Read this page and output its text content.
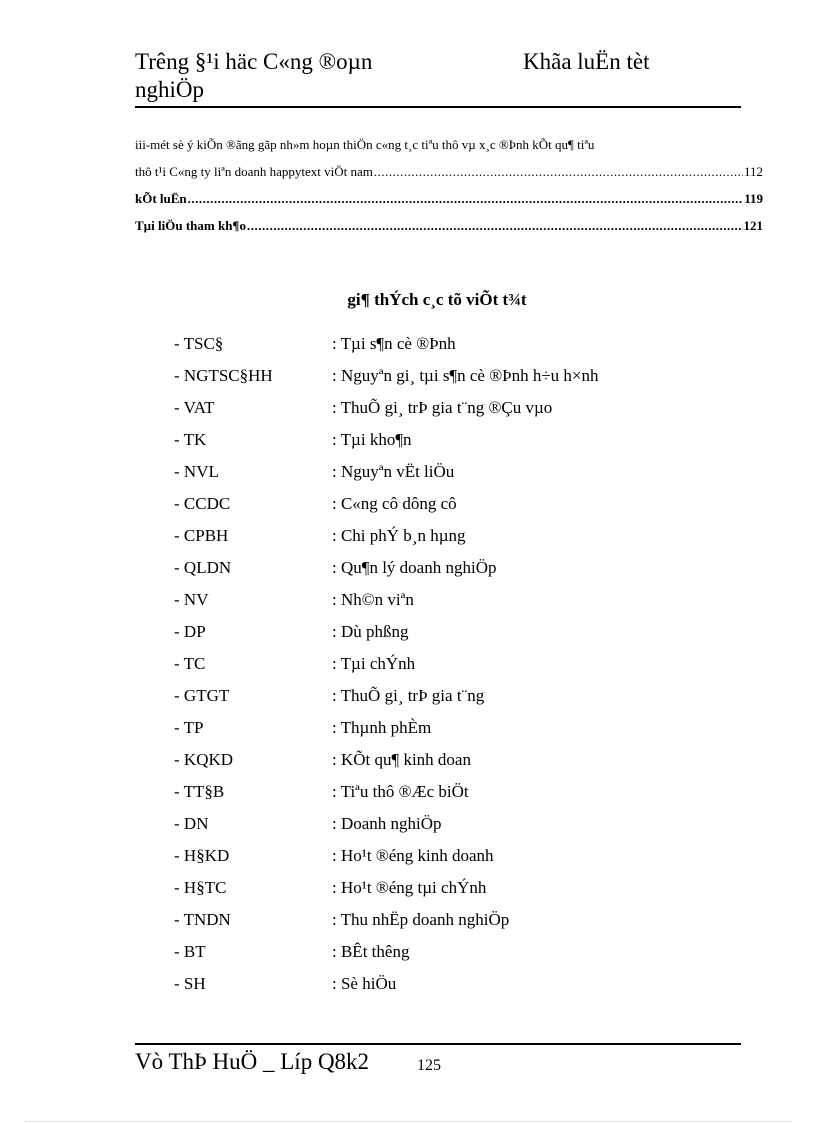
Trêng §¹i häc C«ng ®oµn nghiÖp
Khãa luËn tèt
iii-mét sè ý kiÕn ®ãng gãp nh»m hoµn thiÖn c«ng t¸c tiªu thô vµ x¸c ®Þnh kÕt qu¶ tiªu
thô t¹i C«ng ty liªn doanh happytext viÖt nam .....	112
kÕt luËn .....	119
Tµi liÖu tham kh¶o .....	121
gi¶ thÝch c¸c tõ viÕt t¾t
- TSC§	: Tµi s¶n cè ®Þnh
- NGTSC§HH	: Nguyªn gi¸ tµi s¶n cè ®Þnh h÷u h×nh
- VAT	: ThuÕ gi¸ trÞ gia t¨ng ®Çu vµo
- TK	: Tµi kho¶n
- NVL	: Nguyªn vËt liÖu
- CCDC	: C«ng cô dông cô
- CPBH	: Chi phÝ b¸n hµng
- QLDN	: Qu¶n lý doanh nghiÖp
- NV	: Nh©n viªn
- DP	: Dù phßng
- TC	: Tµi chÝnh
- GTGT	: ThuÕ gi¸ trÞ gia t¨ng
- TP	: Thµnh phÈm
- KQKD	: KÕt qu¶ kinh doan
- TT§B	: Tiªu thô ®Æc biÖt
- DN	: Doanh nghiÖp
- H§KD	: Ho¹t ®éng kinh doanh
- H§TC	: Ho¹t ®éng tµi chÝnh
- TNDN	: Thu nhËp doanh nghiÖp
- BT	: BÊt thêng
- SH	: Sè hiÖu
Vò ThÞ HuÖ _ Líp Q8k2	125
